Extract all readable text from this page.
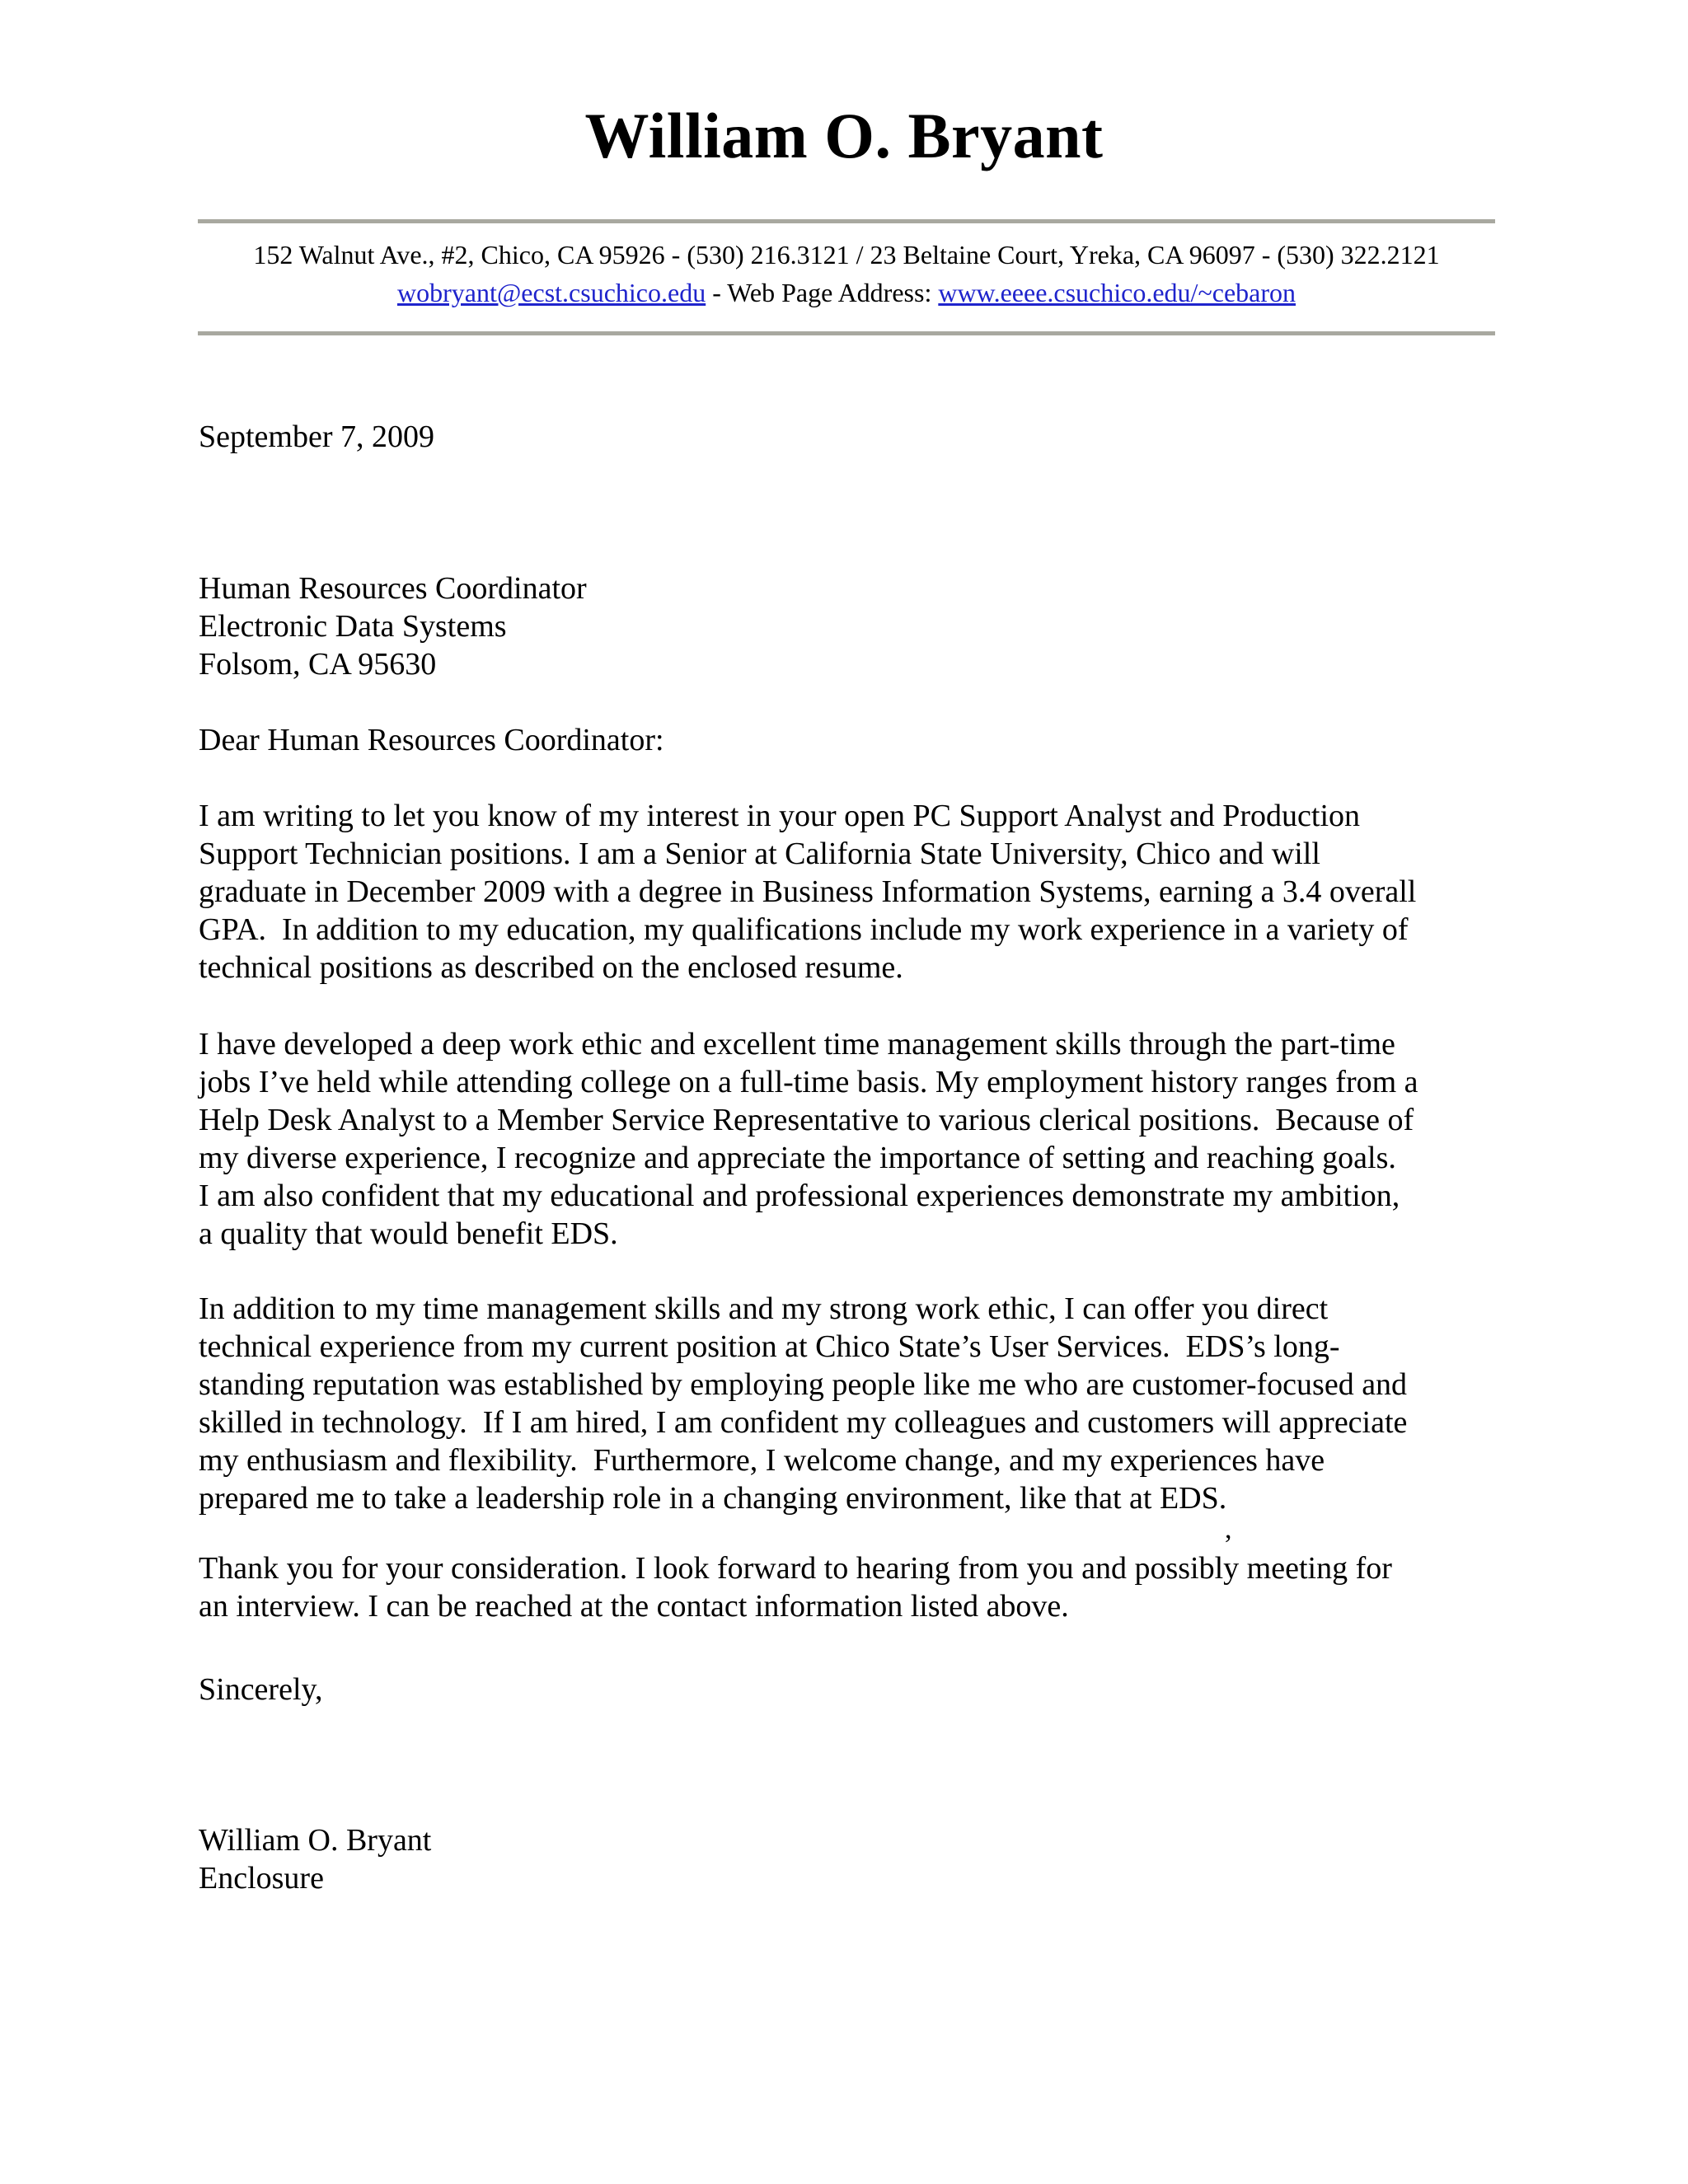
William O. Bryant
152 Walnut Ave., #2, Chico, CA 95926 - (530) 216.3121 / 23 Beltaine Court, Yreka, CA 96097 - (530) 322.2121
wobryant@ecst.csuchico.edu - Web Page Address: www.eeee.csuchico.edu/~cebaron
September 7, 2009
Human Resources Coordinator
Electronic Data Systems
Folsom, CA 95630
Dear Human Resources Coordinator:
I am writing to let you know of my interest in your open PC Support Analyst and Production
Support Technician positions. I am a Senior at California State University, Chico and will
graduate in December 2009 with a degree in Business Information Systems, earning a 3.4 overall
GPA.  In addition to my education, my qualifications include my work experience in a variety of
technical positions as described on the enclosed resume.
I have developed a deep work ethic and excellent time management skills through the part-time
jobs I’ve held while attending college on a full-time basis. My employment history ranges from a
Help Desk Analyst to a Member Service Representative to various clerical positions.  Because of
my diverse experience, I recognize and appreciate the importance of setting and reaching goals.
I am also confident that my educational and professional experiences demonstrate my ambition,
a quality that would benefit EDS.
In addition to my time management skills and my strong work ethic, I can offer you direct
technical experience from my current position at Chico State’s User Services.  EDS’s long-
standing reputation was established by employing people like me who are customer-focused and
skilled in technology.  If I am hired, I am confident my colleagues and customers will appreciate
my enthusiasm and flexibility.  Furthermore, I welcome change, and my experiences have
prepared me to take a leadership role in a changing environment, like that at EDS.
,
Thank you for your consideration. I look forward to hearing from you and possibly meeting for
an interview. I can be reached at the contact information listed above.
Sincerely,
William O. Bryant
Enclosure
